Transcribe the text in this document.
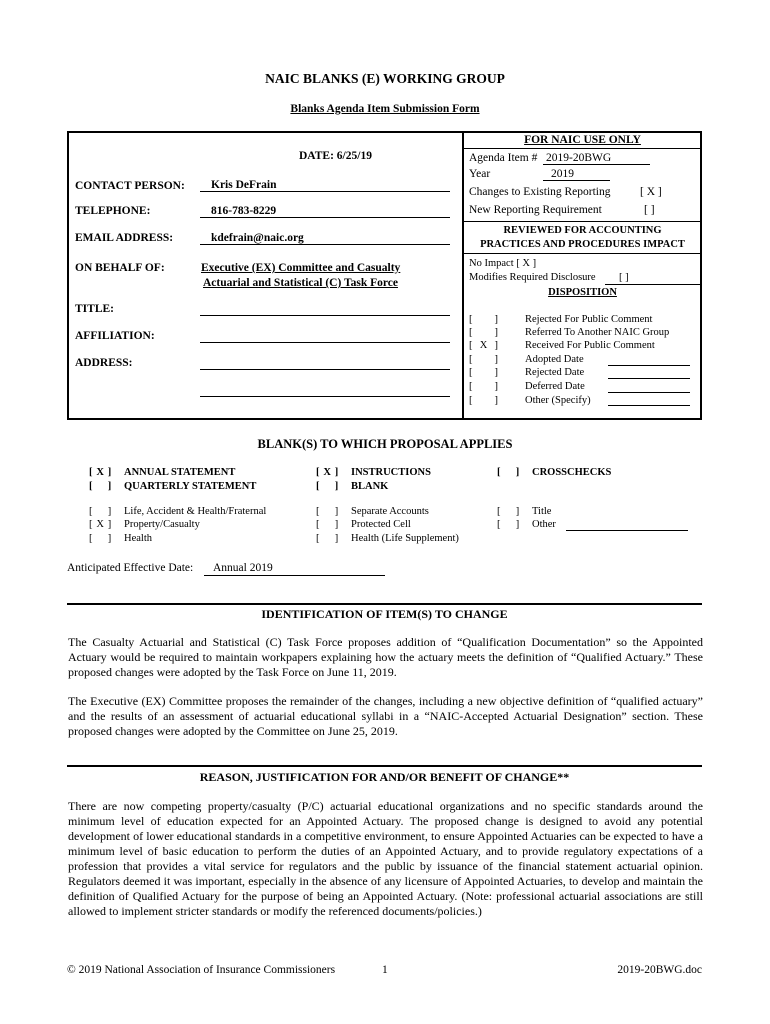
NAIC BLANKS (E) WORKING GROUP
Blanks Agenda Item Submission Form
DATE: 6/25/19
CONTACT PERSON: Kris DeFrain
TELEPHONE:	816-783-8229
EMAIL ADDRESS:	kdefrain@naic.org
ON BEHALF OF:	Executive (EX) Committee and Casualty
Actuarial and Statistical (C) Task Force
TITLE:
AFFILIATION:
ADDRESS:
FOR NAIC USE ONLY
Agenda Item # 2019-20BWG
Year	2019
Changes to Existing Reporting	[ X ]
New Reporting Requirement	[ ]
REVIEWED FOR ACCOUNTING
PRACTICES AND PROCEDURES IMPACT
No Impact [ X ]
Modifies Required Disclosure [ ]
DISPOSITION
[ ]	Rejected For Public Comment
[ ]	Referred To Another NAIC Group
[ X ]	Received For Public Comment
[ ]	Adopted Date
[ ]	Rejected Date
[ ]	Deferred Date
[ ]	Other (Specify)
BLANK(S) TO WHICH PROPOSAL APPLIES
[ X ] ANNUAL STATEMENT	[ X ] INSTRUCTIONS	[  ] CROSSCHECKS
[  ] QUARTERLY STATEMENT	[  ] BLANK
[  ] Life, Accident & Health/Fraternal	[  ] Separate Accounts	[  ] Title
[ X ] Property/Casualty	[  ] Protected Cell	[  ] Other
[  ] Health	[  ] Health (Life Supplement)
Anticipated Effective Date: Annual 2019
IDENTIFICATION OF ITEM(S) TO CHANGE
The Casualty Actuarial and Statistical (C) Task Force proposes addition of “Qualification Documentation” so the Appointed Actuary would be required to maintain workpapers explaining how the actuary meets the definition of “Qualified Actuary.” These proposed changes were adopted by the Task Force on June 11, 2019.
The Executive (EX) Committee proposes the remainder of the changes, including a new objective definition of “qualified actuary” and the results of an assessment of actuarial educational syllabi in a “NAIC-Accepted Actuarial Designation” section. These proposed changes were adopted by the Committee on June 25, 2019.
REASON, JUSTIFICATION FOR AND/OR BENEFIT OF CHANGE**
There are now competing property/casualty (P/C) actuarial educational organizations and no specific standards around the minimum level of education expected for an Appointed Actuary. The proposed change is designed to avoid any potential development of lower educational standards in a competitive environment, to ensure Appointed Actuaries can be expected to have a minimum level of basic education to perform the duties of an Appointed Actuary, and to provide regulatory expectations of a profession that provides a vital service for regulators and the public by issuance of the financial statement actuarial opinion. Regulators deemed it was important, especially in the absence of any licensure of Appointed Actuaries, to develop and maintain the definition of Qualified Actuary for the purpose of being an Appointed Actuary. (Note: professional actuarial associations are still allowed to implement stricter standards or modify the referenced documents/policies.)
© 2019 National Association of Insurance Commissioners	1	2019-20BWG.doc
